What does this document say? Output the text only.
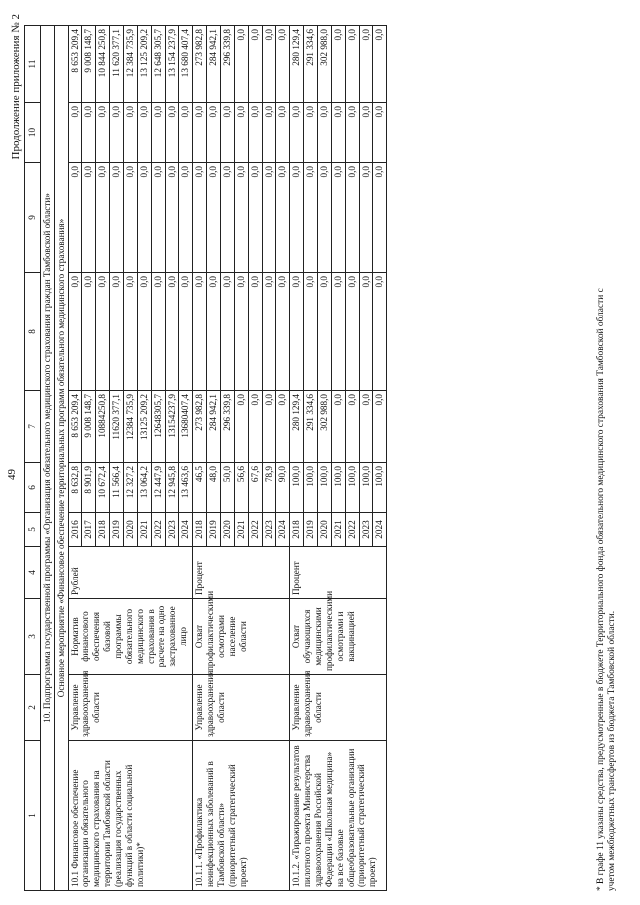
49
Продолжение приложения № 2
1	2	3	4	5	6	7	8	9	10	11
10. Подпрограмма государственной программы «Организация обязательного медицинского страхования граждан Тамбовской области»										
Основное мероприятие «Финансовое обеспечение территориальных программ обязательного медицинского страхования»										
10.1 Финансовое обеспечение организации обязательного медицинского страхования на территории Тамбовской области (реализация государственных функций в области социальной политики)*	Управление здравоохранения области	Норматив финансового обеспечения базовой программы обязательного медицинского страхования в расчете на одно застрахованное лицо	Рублей	2016	8 632,8	8 653 209,4	0,0	0,0	0,0	8 653 209,4
				2017	8 901,9	9 008 148,7	0,0	0,0	0,0	9 008 148,7
				2018	10 672,4	10884250,8	0,0	0,0	0,0	10 844 250,8
				2019	11 566,4	11620 377,1	0,0	0,0	0,0	11 620 377,1
				2020	12 327,2	12384 735,9	0,0	0,0	0,0	12 384 735,9
				2021	13 064,2	13125 209,2	0,0	0,0	0,0	13 125 209,2
				2022	12 447,9	12648305,7	0,0	0,0	0,0	12 648 305,7
				2023	12 945,8	13154237,9	0,0	0,0	0,0	13 154 237,9
				2024	13 463,6	13680407,4	0,0	0,0	0,0	13 680 407,4
10.1.1. «Профилактика неинфекционных заболеваний в Тамбовской области» (приоритетный стратегический проект)	Управление здравоохранения области	Охват профилактическими осмотрами население области	Процент	2018	46,5	273 982,8	0,0	0,0	0,0	273 982,8
				2019	48,0	284 942,1	0,0	0,0	0,0	284 942,1
				2020	50,0	296 339,8	0,0	0,0	0,0	296 339,8
				2021	56,6	0,0	0,0	0,0	0,0	0,0
				2022	67,6	0,0	0,0	0,0	0,0	0,0
				2023	78,9	0,0	0,0	0,0	0,0	0,0
				2024	90,0	0,0	0,0	0,0	0,0	0,0
10.1.2. «Тиражирование результатов пилотного проекта Министерства здравоохранения Российской Федерации «Школьная медицина» на все базовые общеобразовательные организации (приоритетный стратегический проект)	Управление здравоохранения области	Охват обучающихся медицинскими профилактическими осмотрами и вакцинацией	Процент	2018	100,0	280 129,4	0,0	0,0	0,0	280 129,4
				2019	100,0	291 334,6	0,0	0,0	0,0	291 334,6
				2020	100,0	302 988,0	0,0	0,0	0,0	302 988,0
				2021	100,0	0,0	0,0	0,0	0,0	0,0
				2022	100,0	0,0	0,0	0,0	0,0	0,0
				2023	100,0	0,0	0,0	0,0	0,0	0,0
				2024	100,0	0,0	0,0	0,0	0,0	0,0
* В графе 11 указаны средства, предусмотренные в бюджете Территориального фонда обязательного медицинского страхования Тамбовской области с учетом межбюджетных трансфертов из бюджета Тамбовской области.
